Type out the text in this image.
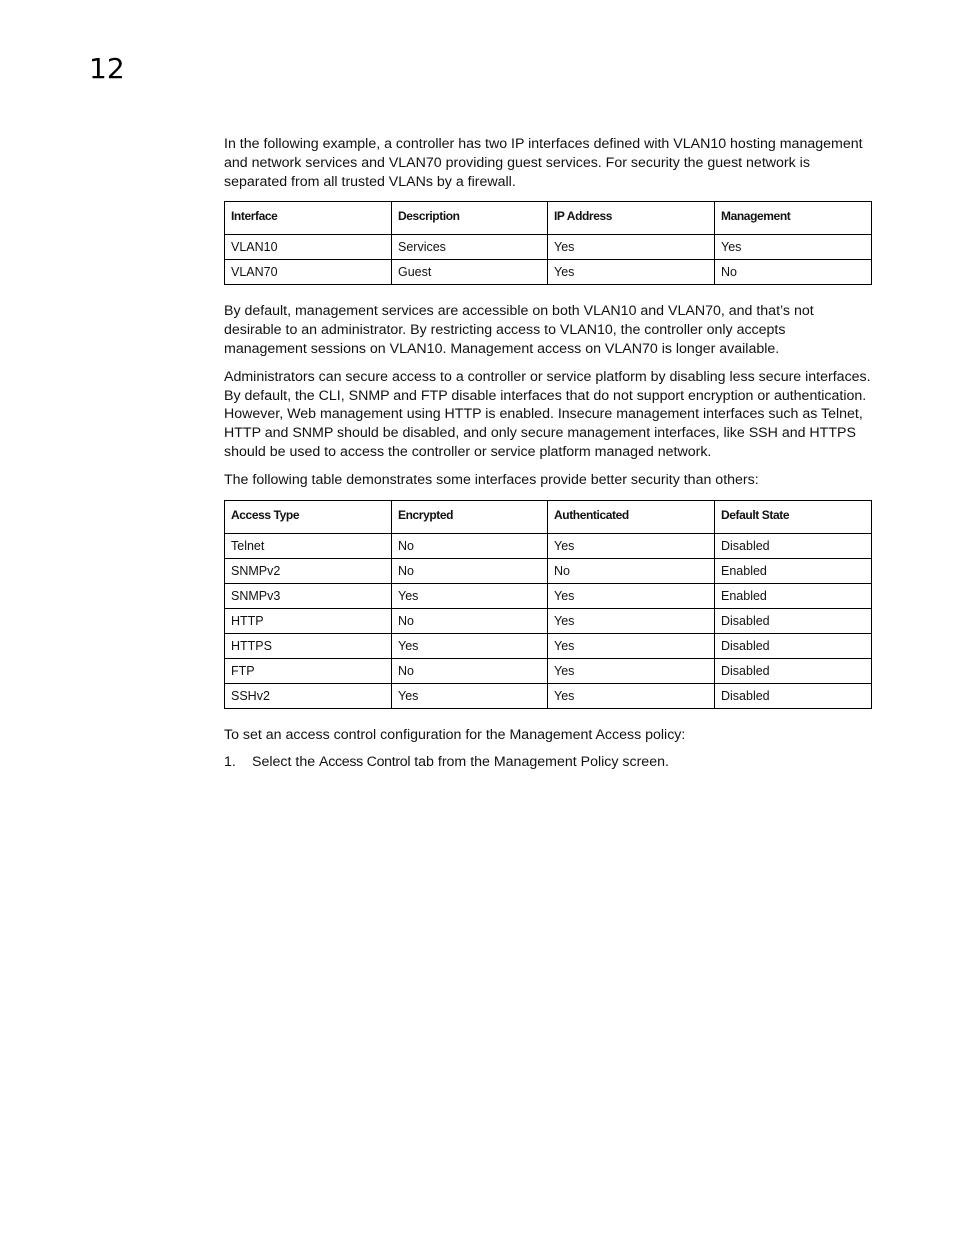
12

In the following example, a controller has two IP interfaces defined with VLAN10 hosting management and network services and VLAN70 providing guest services. For security the guest network is separated from all trusted VLANs by a firewall.

Interface	Description	IP Address	Management
VLAN10	Services	Yes	Yes
VLAN70	Guest	Yes	No

By default, management services are accessible on both VLAN10 and VLAN70, and that’s not desirable to an administrator. By restricting access to VLAN10, the controller only accepts management sessions on VLAN10. Management access on VLAN70 is longer available.

Administrators can secure access to a controller or service platform by disabling less secure interfaces. By default, the CLI, SNMP and FTP disable interfaces that do not support encryption or authentication. However, Web management using HTTP is enabled. Insecure management interfaces such as Telnet, HTTP and SNMP should be disabled, and only secure management interfaces, like SSH and HTTPS should be used to access the controller or service platform managed network.

The following table demonstrates some interfaces provide better security than others:

Access Type	Encrypted	Authenticated	Default State
Telnet	No	Yes	Disabled
SNMPv2	No	No	Enabled
SNMPv3	Yes	Yes	Enabled
HTTP	No	Yes	Disabled
HTTPS	Yes	Yes	Disabled
FTP	No	Yes	Disabled
SSHv2	Yes	Yes	Disabled

To set an access control configuration for the Management Access policy:

1.	Select the Access Control tab from the Management Policy screen.
